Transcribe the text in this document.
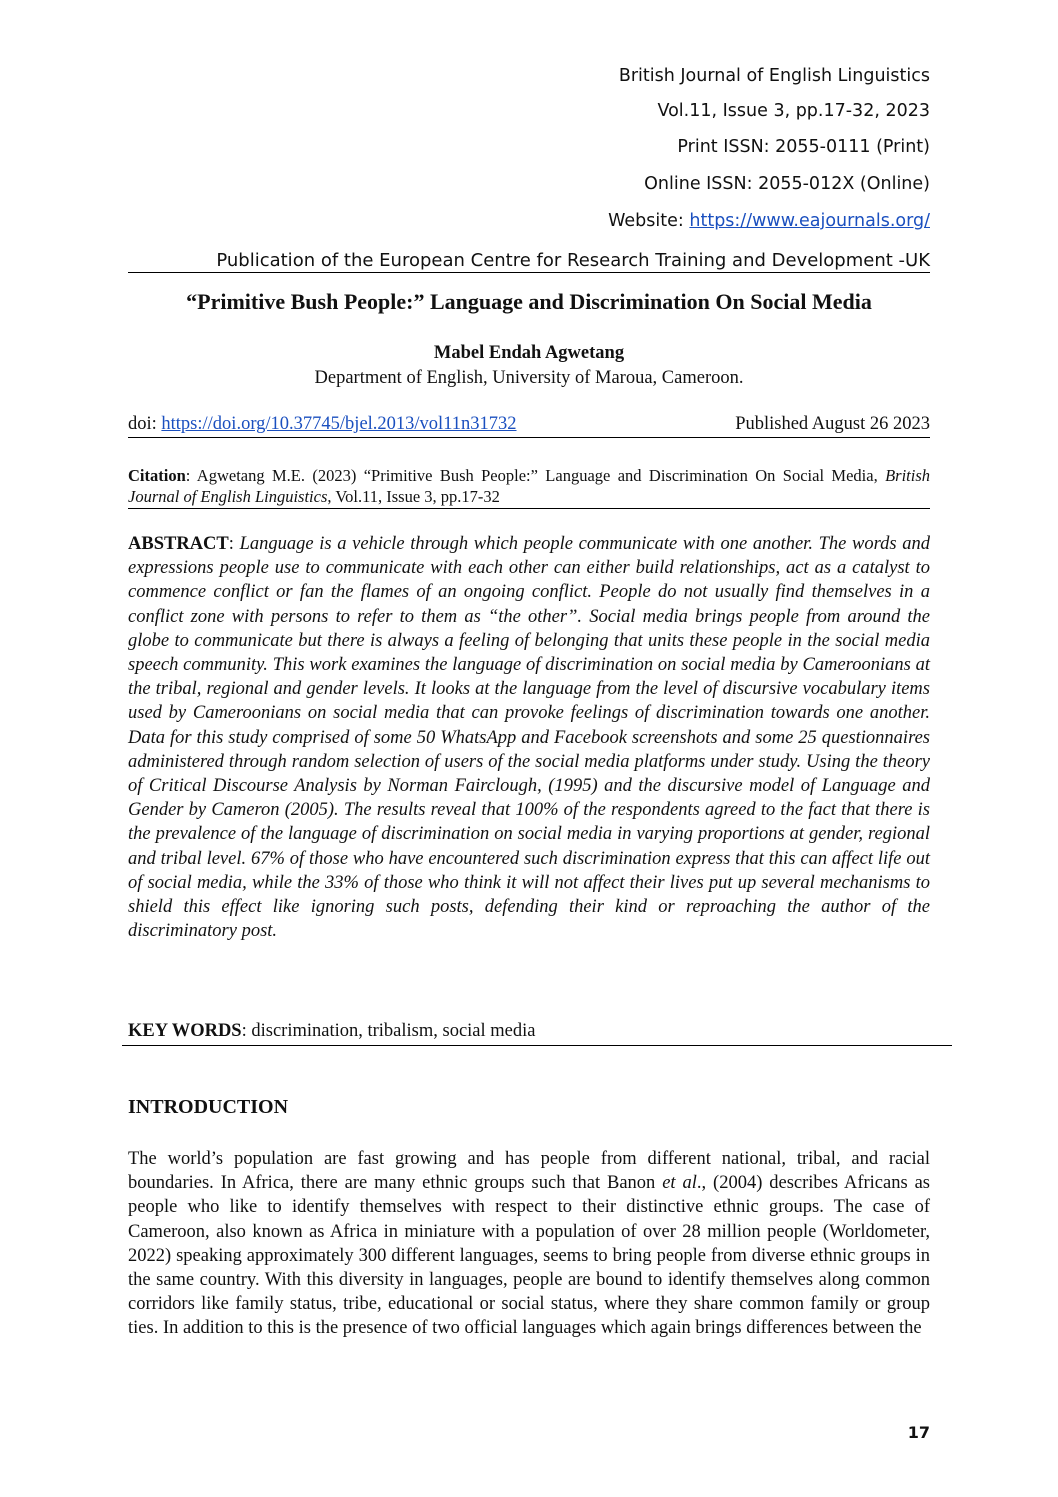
British Journal of English Linguistics
Vol.11, Issue 3, pp.17-32, 2023
Print ISSN: 2055-0111 (Print)
Online ISSN: 2055-012X (Online)
Website: https://www.eajournals.org/
Publication of the European Centre for Research Training and Development -UK
“Primitive Bush People:” Language and Discrimination On Social Media
Mabel Endah Agwetang
Department of English, University of Maroua, Cameroon.
doi: https://doi.org/10.37745/bjel.2013/vol11n31732	Published August 26 2023
Citation: Agwetang M.E. (2023) “Primitive Bush People:” Language and Discrimination On Social Media, British Journal of English Linguistics, Vol.11, Issue 3, pp.17-32
ABSTRACT: Language is a vehicle through which people communicate with one another. The words and expressions people use to communicate with each other can either build relationships, act as a catalyst to commence conflict or fan the flames of an ongoing conflict. People do not usually find themselves in a conflict zone with persons to refer to them as “the other”. Social media brings people from around the globe to communicate but there is always a feeling of belonging that units these people in the social media speech community. This work examines the language of discrimination on social media by Cameroonians at the tribal, regional and gender levels. It looks at the language from the level of discursive vocabulary items used by Cameroonians on social media that can provoke feelings of discrimination towards one another. Data for this study comprised of some 50 WhatsApp and Facebook screenshots and some 25 questionnaires administered through random selection of users of the social media platforms under study. Using the theory of Critical Discourse Analysis by Norman Fairclough, (1995) and the discursive model of Language and Gender by Cameron (2005). The results reveal that 100% of the respondents agreed to the fact that there is the prevalence of the language of discrimination on social media in varying proportions at gender, regional and tribal level. 67% of those who have encountered such discrimination express that this can affect life out of social media, while the 33% of those who think it will not affect their lives put up several mechanisms to shield this effect like ignoring such posts, defending their kind or reproaching the author of the discriminatory post.
KEY WORDS: discrimination, tribalism, social media
INTRODUCTION
The world’s population are fast growing and has people from different national, tribal, and racial boundaries. In Africa, there are many ethnic groups such that Banon et al., (2004) describes Africans as people who like to identify themselves with respect to their distinctive ethnic groups. The case of Cameroon, also known as Africa in miniature with a population of over 28 million people (Worldometer, 2022) speaking approximately 300 different languages, seems to bring people from diverse ethnic groups in the same country. With this diversity in languages, people are bound to identify themselves along common corridors like family status, tribe, educational or social status, where they share common family or group ties. In addition to this is the presence of two official languages which again brings differences between the
17
